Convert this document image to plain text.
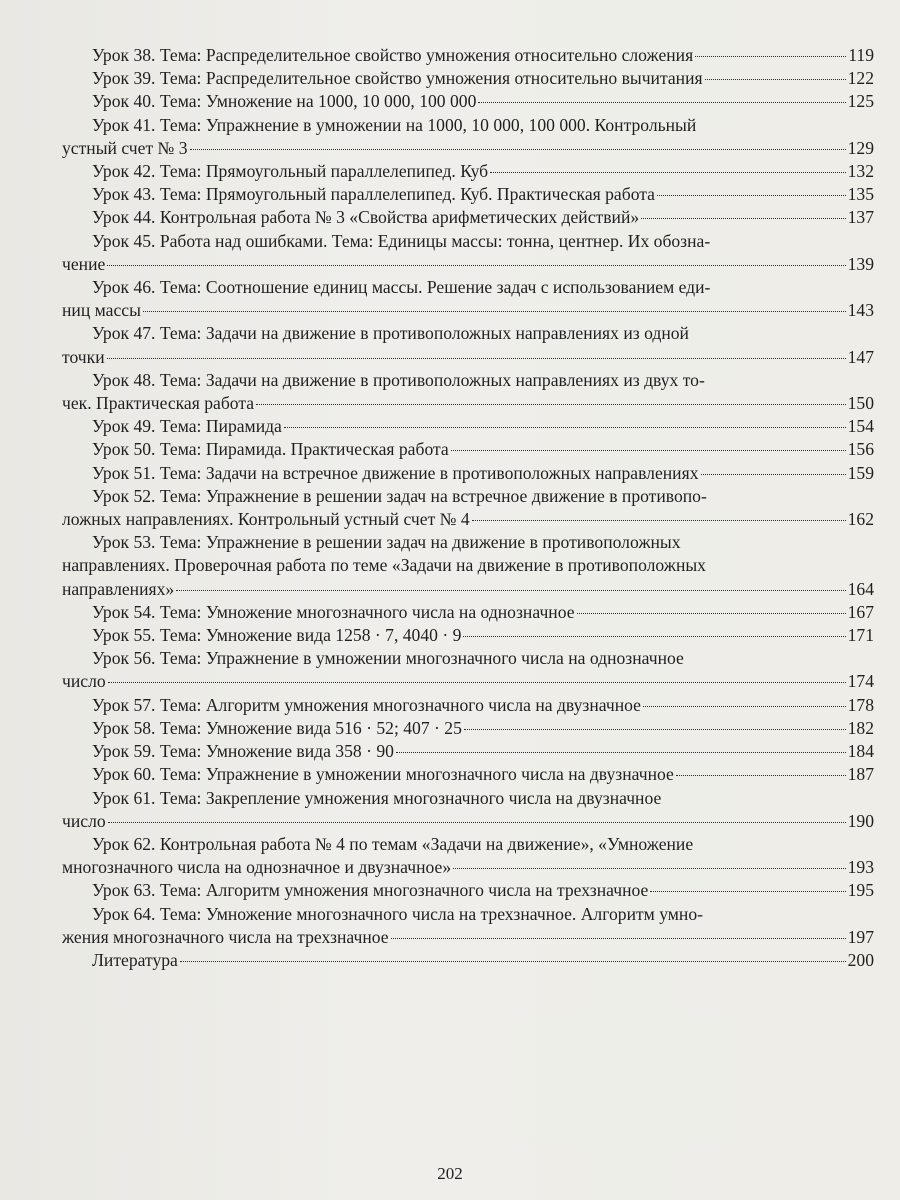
Урок 38. Тема: Распределительное свойство умножения относительно сложения	119
Урок 39. Тема: Распределительное свойство умножения относительно вычитания	122
Урок 40. Тема: Умножение на 1000, 10 000, 100 000	125
Урок 41. Тема: Упражнение в умножении на 1000, 10 000, 100 000. Контрольный
устный счет № 3	129
Урок 42. Тема: Прямоугольный параллелепипед. Куб	132
Урок 43. Тема: Прямоугольный параллелепипед. Куб. Практическая работа	135
Урок 44. Контрольная работа № 3 «Свойства арифметических действий»	137
Урок 45. Работа над ошибками. Тема: Единицы массы: тонна, центнер. Их обозна-
чение	139
Урок 46. Тема: Соотношение единиц массы. Решение задач с использованием еди-
ниц массы	143
Урок 47. Тема: Задачи на движение в противоположных направлениях из одной
точки	147
Урок 48. Тема: Задачи на движение в противоположных направлениях из двух то-
чек. Практическая работа	150
Урок 49. Тема: Пирамида	154
Урок 50. Тема: Пирамида. Практическая работа	156
Урок 51. Тема: Задачи на встречное движение в противоположных направлениях	159
Урок 52. Тема: Упражнение в решении задач на встречное движение в противопо-
ложных направлениях. Контрольный устный счет № 4	162
Урок 53. Тема: Упражнение в решении задач на движение в противоположных
направлениях. Проверочная работа по теме «Задачи на движение в противоположных
направлениях»	164
Урок 54. Тема: Умножение многозначного числа на однозначное	167
Урок 55. Тема: Умножение вида 1258 · 7, 4040 · 9	171
Урок 56. Тема: Упражнение в умножении многозначного числа на однозначное
число	174
Урок 57. Тема: Алгоритм умножения многозначного числа на двузначное	178
Урок 58. Тема: Умножение вида 516 · 52; 407 · 25	182
Урок 59. Тема: Умножение вида 358 · 90	184
Урок 60. Тема: Упражнение в умножении многозначного числа на двузначное	187
Урок 61. Тема: Закрепление умножения многозначного числа на двузначное
число	190
Урок 62. Контрольная работа № 4 по темам «Задачи на движение», «Умножение
многозначного числа на однозначное и двузначное»	193
Урок 63. Тема: Алгоритм умножения многозначного числа на трехзначное	195
Урок 64. Тема: Умножение многозначного числа на трехзначное. Алгоритм умно-
жения многозначного числа на трехзначное	197
Литература	200
202
